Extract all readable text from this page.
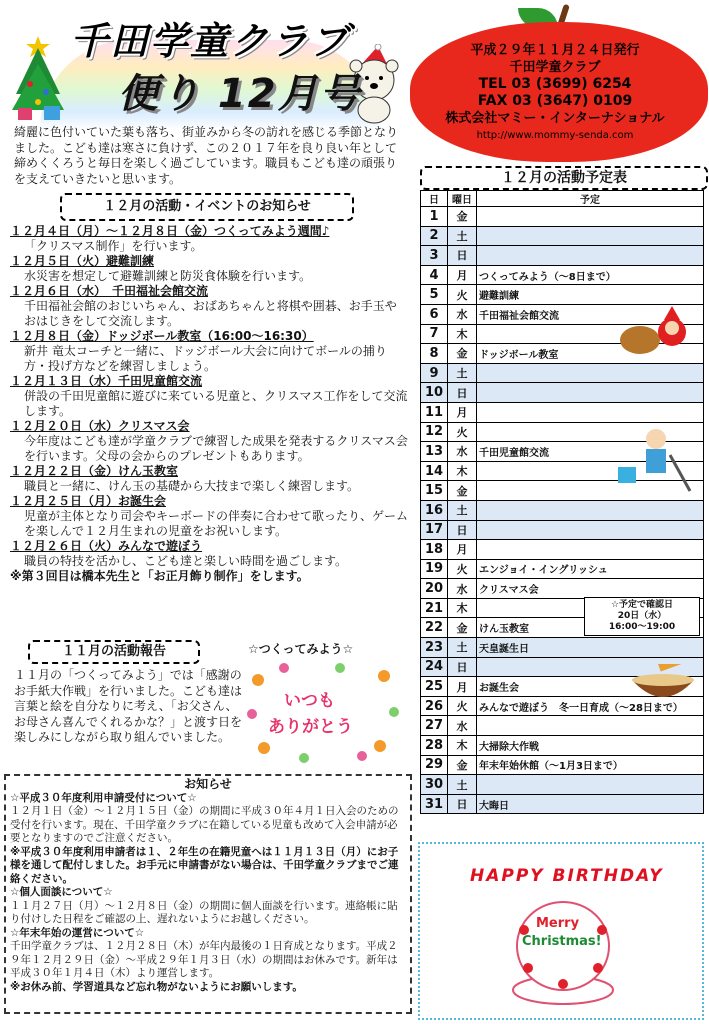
千田学童クラブ
便り 12月号
平成２９年１１月２４日発行
千田学童クラブ
TEL 03 (3699) 6254
FAX 03 (3647) 0109
株式会社マミー・インターナショナル
http://www.mommy-senda.com
綺麗に色付いていた葉も落ち、街並みから冬の訪れを感じる季節となりました。こども達は寒さに負けず、この２０１７年を良り良い年として締めくくろうと毎日を楽しく過ごしています。職員もこども達の頑張りを支えていきたいと思います。
１２月の活動・イベントのお知らせ
１２月４日（月）～１２月８日（金）つくってみよう週間♪
「クリスマス制作」を行います。
１２月５日（火）避難訓練
水災害を想定して避難訓練と防災食体験を行います。
１２月６日（水）　千田福祉会館交流
千田福祉会館のおじいちゃん、おばあちゃんと将棋や囲碁、お手玉やおはじきをして交流します。
１２月８日（金）ドッジボール教室（16:00～16:30）
新井 竜太コーチと一緒に、ドッジボール大会に向けてボールの捕り方・投げ方などを練習しましょう。
１２月１３日（水）千田児童館交流
併設の千田児童館に遊びに来ている児童と、クリスマス工作をして交流します。
１２月２０日（水）クリスマス会
今年度はこども達が学童クラブで練習した成果を発表するクリスマス会を行います。父母の会からのプレゼントもあります。
１２月２２日（金）けん玉教室
職員と一緒に、けん玉の基礎から大技まで楽しく練習します。
１２月２５日（月）お誕生会
児童が主体となり司会やキーボードの伴奏に合わせて歌ったり、ゲームを楽しんで１２月生まれの児童をお祝いします。
１２月２６日（火）みんなで遊ぼう
職員の特技を活かし、こども達と楽しい時間を過ごします。
※第３回目は橋本先生と「お正月飾り制作」をします。
１１月の活動報告
１１月の「つくってみよう」では「感謝のお手紙大作戦」を行いました。こども達は言葉と絵を自分なりに考え、「お父さん、お母さん喜んでくれるかな？」と渡す日を楽しみにしながら取り組んでいました。
☆つくってみよう☆
いつも
ありがとう
お知らせ
☆平成３０年度利用申請受付について☆
１２月１日（金）～１２月１５日（金）の期間に平成３０年４月１日入会のための受付を行います。現在、千田学童クラブに在籍している児童も改めて入会申請が必要となりますのでご注意ください。
※平成３０年度利用申請者は１、２年生の在籍児童へは１１月１３日（月）にお子様を通して配付しました。お手元に申請書がない場合は、千田学童クラブまでご連絡ください。
☆個人面談について☆
１１月２７日（月）～１２月８日（金）の期間に個人面談を行います。連絡帳に貼り付けした日程をご確認の上、遅れないようにお越しください。
☆年末年始の運営について☆
千田学童クラブは、１２月２８日（木）が年内最後の１日育成となります。平成２９年１２月２９日（金）～平成２９年１月３日（水）の期間はお休みです。新年は平成３０年１月４日（木）より運営します。
※お休み前、学習道具など忘れ物がないようにお願いします。
１２月の活動予定表
日	曜日	予定
1	金	
2	土	
3	日	
4	月	つくってみよう（～8日まで）
5	火	避難訓練
6	水	千田福祉会館交流
7	木	
8	金	ドッジボール教室
9	土	
10	日	
11	月	
12	火	
13	水	千田児童館交流
14	木	
15	金	
16	土	
17	日	
18	月	
19	火	エンジョイ・イングリッシュ
20	水	クリスマス会
21	木	
22	金	けん玉教室
23	土	天皇誕生日
24	日	
25	月	お誕生会
26	火	みんなで遊ぼう　冬一日育成（～28日まで）
27	水	
28	木	大掃除大作戦
29	金	年末年始休館（～1月3日まで）
30	土	
31	日	大晦日
☆予定で確認日
20日（水）
16:00～19:00
HAPPY BIRTHDAY
Merry
Christmas!
